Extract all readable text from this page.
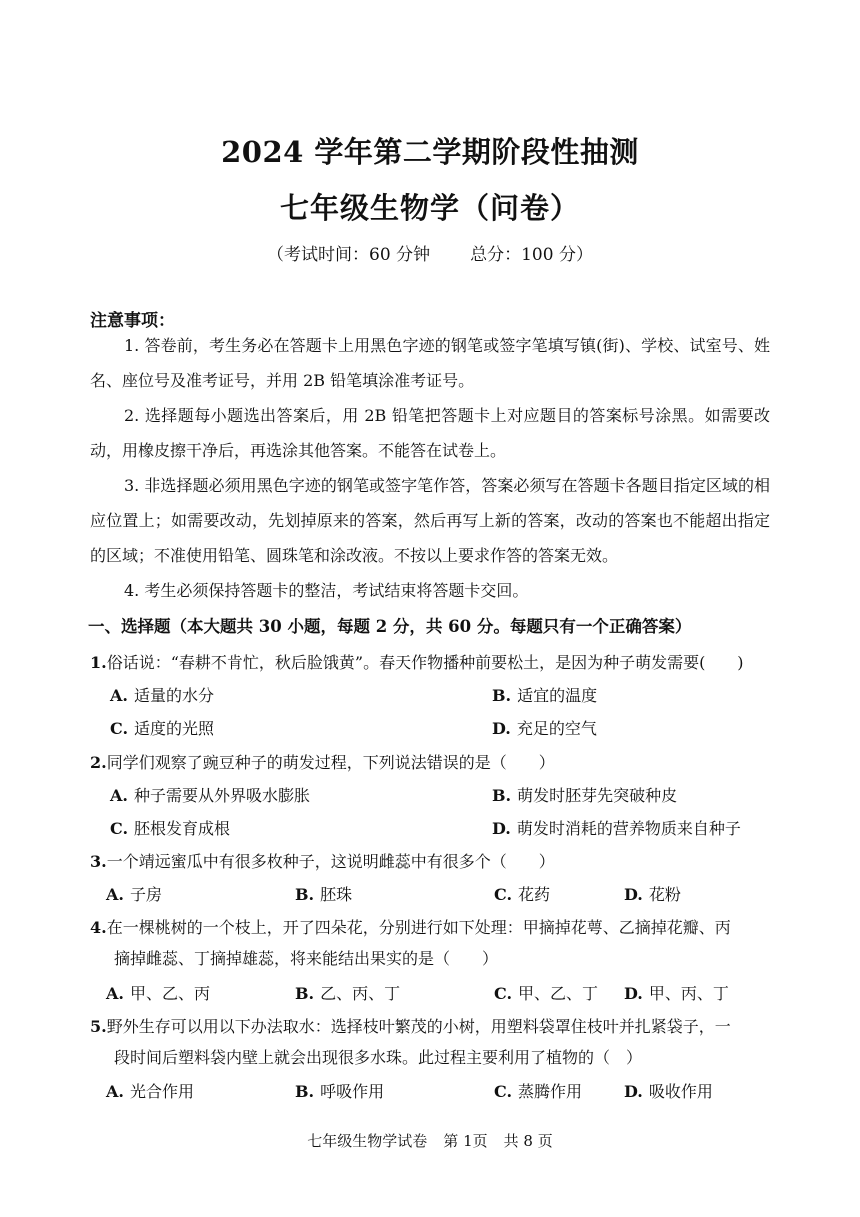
2024 学年第二学期阶段性抽测
七年级生物学（问卷）
（考试时间：60 分钟 总分：100 分）
注意事项：
1. 答卷前，考生务必在答题卡上用黑色字迹的钢笔或签字笔填写镇(街)、学校、试室号、姓名、座位号及准考证号，并用 2B 铅笔填涂准考证号。
2. 选择题每小题选出答案后，用 2B 铅笔把答题卡上对应题目的答案标号涂黑。如需要改动，用橡皮擦干净后，再选涂其他答案。不能答在试卷上。
3. 非选择题必须用黑色字迹的钢笔或签字笔作答，答案必须写在答题卡各题目指定区域的相应位置上；如需要改动，先划掉原来的答案，然后再写上新的答案，改动的答案也不能超出指定的区域；不准使用铅笔、圆珠笔和涂改液。不按以上要求作答的答案无效。
4. 考生必须保持答题卡的整洁，考试结束将答题卡交回。
一、选择题（本大题共 30 小题，每题 2 分，共 60 分。每题只有一个正确答案）
1.俗话说：“春耕不肯忙，秋后脸饿黄”。春天作物播种前要松土，是因为种子萌发需要(　　)
A. 适量的水分	B. 适宜的温度
C. 适度的光照	D. 充足的空气
2.同学们观察了豌豆种子的萌发过程，下列说法错误的是（　　）
A. 种子需要从外界吸水膨胀	B. 萌发时胚芽先突破种皮
C. 胚根发育成根	D. 萌发时消耗的营养物质来自种子
3.一个靖远蜜瓜中有很多枚种子，这说明雌蕊中有很多个（　　）
A. 子房	B. 胚珠	C. 花药	D. 花粉
4.在一棵桃树的一个枝上，开了四朵花，分别进行如下处理：甲摘掉花萼、乙摘掉花瓣、丙
摘掉雌蕊、丁摘掉雄蕊，将来能结出果实的是（　　）
A. 甲、乙、丙	B. 乙、丙、丁	C. 甲、乙、丁 D. 甲、丙、丁
5.野外生存可以用以下办法取水：选择枝叶繁茂的小树，用塑料袋罩住枝叶并扎紧袋子，一
段时间后塑料袋内壁上就会出现很多水珠。此过程主要利用了植物的（　）
A. 光合作用	B. 呼吸作用	C. 蒸腾作用	D. 吸收作用
七年级生物学试卷 第 1页 共 8 页
